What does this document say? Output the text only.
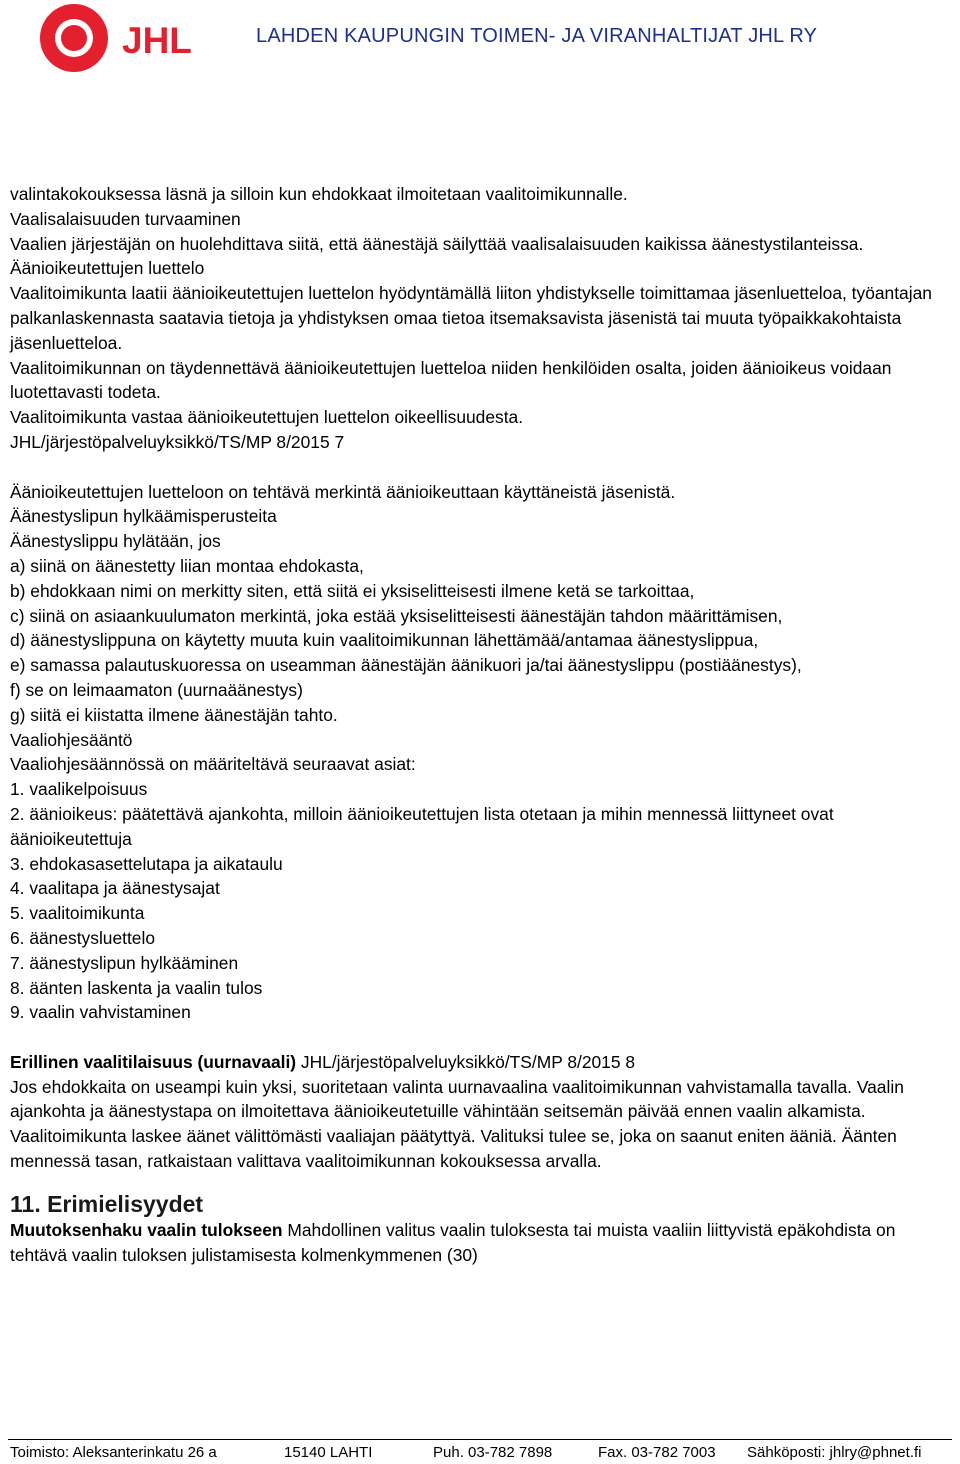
JHL	LAHDEN KAUPUNGIN TOIMEN- JA VIRANHALTIJAT JHL RY

valintakokouksessa läsnä ja silloin kun ehdokkaat ilmoitetaan vaalitoimikunnalle.

Vaalisalaisuuden turvaaminen

Vaalien järjestäjän on huolehdittava siitä, että äänestäjä säilyttää vaalisalaisuuden kaikissa äänestystilanteissa.

Äänioikeutettujen luettelo

Vaalitoimikunta laatii äänioikeutettujen luettelon hyödyntämällä liiton yhdistykselle toimittamaa jäsenluetteloa, työantajan palkanlaskennasta saatavia tietoja ja yhdistyksen omaa tietoa itsemaksavista jäsenistä tai muuta työpaikkakohtaista jäsenluetteloa.

Vaalitoimikunnan on täydennettävä äänioikeutettujen luetteloa niiden henkilöiden osalta, joiden äänioikeus voidaan luotettavasti todeta.

Vaalitoimikunta vastaa äänioikeutettujen luettelon oikeellisuudesta.

JHL/järjestöpalveluyksikkö/TS/MP 8/2015 7

Äänioikeutettujen luetteloon on tehtävä merkintä äänioikeuttaan käyttäneistä jäsenistä.

Äänestyslipun hylkäämisperusteita

Äänestyslippu hylätään, jos

a) siinä on äänestetty liian montaa ehdokasta,

b) ehdokkaan nimi on merkitty siten, että siitä ei yksiselitteisesti ilmene ketä se tarkoittaa,

c) siinä on asiaankuulumaton merkintä, joka estää yksiselitteisesti äänestäjän tahdon määrittämisen,

d) äänestyslippuna on käytetty muuta kuin vaalitoimikunnan lähettämää/antamaa äänestyslippua,

e) samassa palautuskuoressa on useamman äänestäjän äänikuori ja/tai äänestyslippu (postiäänestys),

f) se on leimaamaton (uurnaäänestys)

g) siitä ei kiistatta ilmene äänestäjän tahto.

Vaaliohjesääntö

Vaaliohjesäännössä on määriteltävä seuraavat asiat:

1. vaalikelpoisuus

2. äänioikeus: päätettävä ajankohta, milloin äänioikeutettujen lista otetaan ja mihin mennessä liittyneet ovat äänioikeutettuja

3. ehdokasasettelutapa ja aikataulu

4. vaalitapa ja äänestysajat

5. vaalitoimikunta

6. äänestysluettelo

7. äänestyslipun hylkääminen

8. äänten laskenta ja vaalin tulos

9. vaalin vahvistaminen

Erillinen vaalitilaisuus (uurnavaali) JHL/järjestöpalveluyksikkö/TS/MP 8/2015 8

Jos ehdokkaita on useampi kuin yksi, suoritetaan valinta uurnavaalina vaalitoimikunnan vahvistamalla tavalla. Vaalin ajankohta ja äänestystapa on ilmoitettava äänioikeutetuille vähintään seitsemän päivää ennen vaalin alkamista.

Vaalitoimikunta laskee äänet välittömästi vaaliajan päätyttyä. Valituksi tulee se, joka on saanut eniten ääniä. Äänten mennessä tasan, ratkaistaan valittava vaalitoimikunnan kokouksessa arvalla.

11. Erimielisyydet

Muutoksenhaku vaalin tulokseen Mahdollinen valitus vaalin tuloksesta tai muista vaaliin liittyvistä epäkohdista on tehtävä vaalin tuloksen julistamisesta kolmenkymmenen (30)

Toimisto: Aleksanterinkatu 26 a	15140 LAHTI	Puh. 03-782 7898	Fax. 03-782 7003 Sähköposti: jhlry@phnet.fi
